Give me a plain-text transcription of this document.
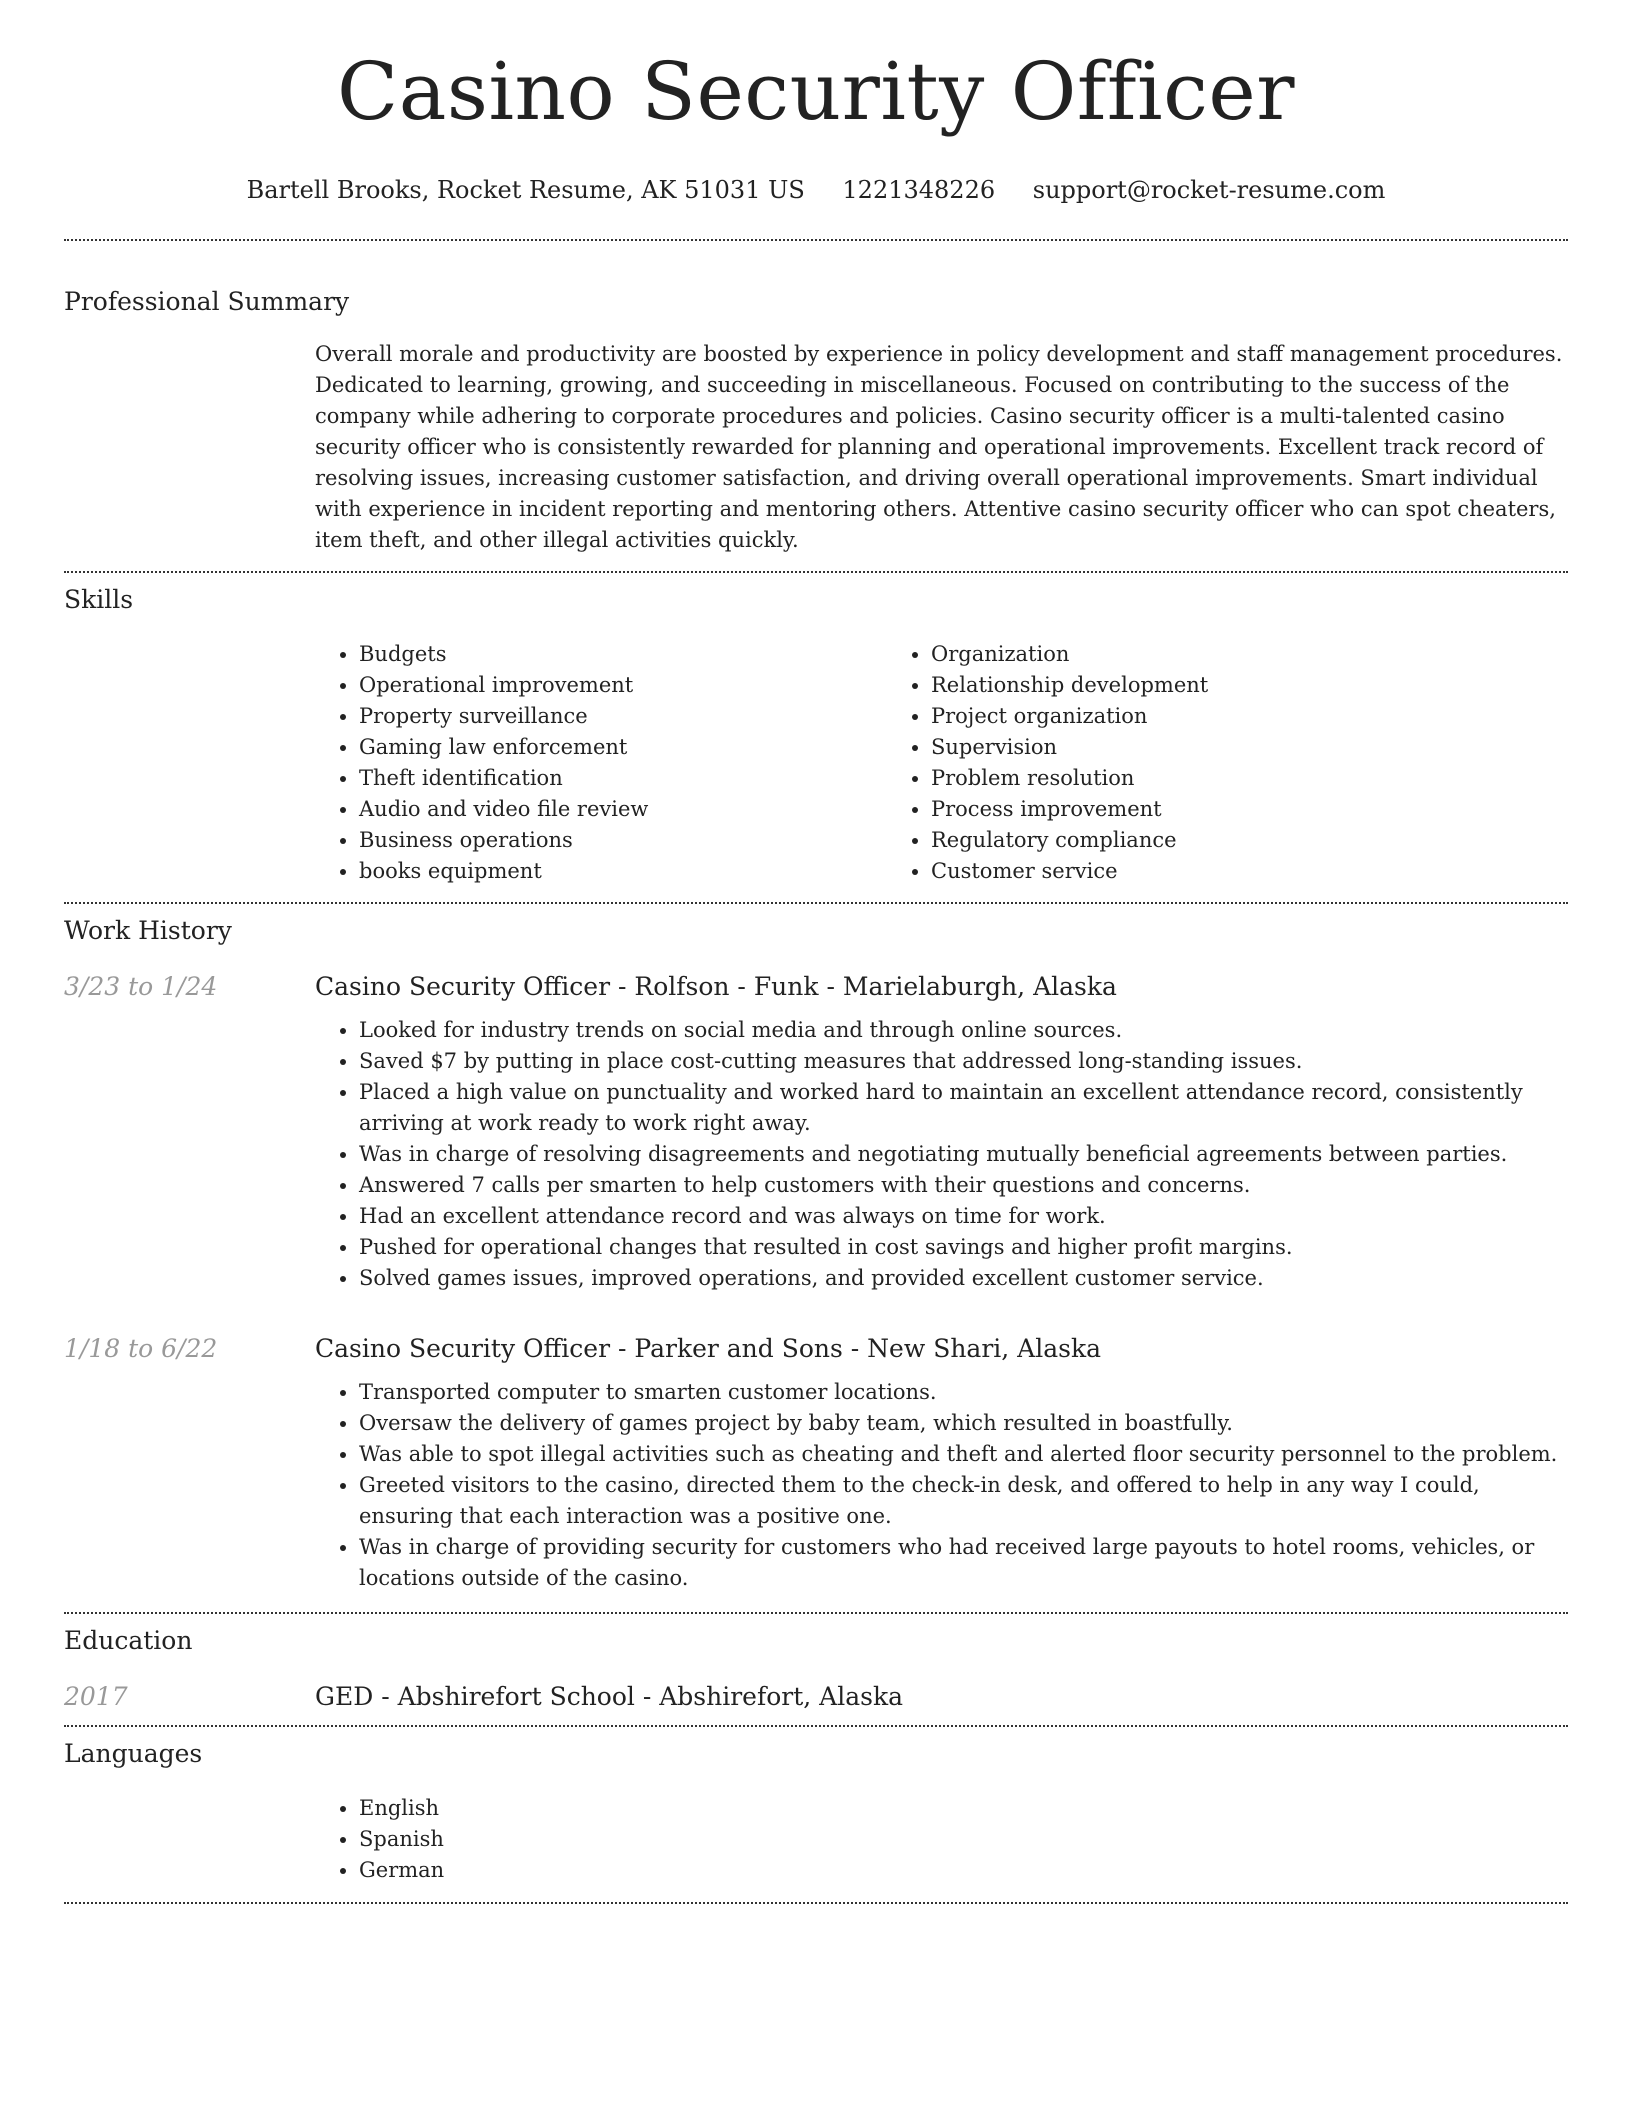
Casino Security Officer
Bartell Brooks, Rocket Resume, AK 51031 US 1221348226 support@rocket-resume.com
Professional Summary

Overall morale and productivity are boosted by experience in policy development and staff management procedures. Dedicated to learning, growing, and succeeding in miscellaneous. Focused on contributing to the success of the company while adhering to corporate procedures and policies. Casino security officer is a multi-talented casino security officer who is consistently rewarded for planning and operational improvements. Excellent track record of resolving issues, increasing customer satisfaction, and driving overall operational improvements. Smart individual with experience in incident reporting and mentoring others. Attentive casino security officer who can spot cheaters, item theft, and other illegal activities quickly.

Skills
• Budgets
• Operational improvement
• Property surveillance
• Gaming law enforcement
• Theft identification
• Audio and video file review
• Business operations
• books equipment
• Organization
• Relationship development
• Project organization
• Supervision
• Problem resolution
• Process improvement
• Regulatory compliance
• Customer service
Work History
3/23 to 1/24	Casino Security Officer - Rolfson - Funk - Marielaburgh, Alaska
• Looked for industry trends on social media and through online sources.
• Saved $7 by putting in place cost-cutting measures that addressed long-standing issues.
• Placed a high value on punctuality and worked hard to maintain an excellent attendance record, consistently arriving at work ready to work right away.
• Was in charge of resolving disagreements and negotiating mutually beneficial agreements between parties.
• Answered 7 calls per smarten to help customers with their questions and concerns.
• Had an excellent attendance record and was always on time for work.
• Pushed for operational changes that resulted in cost savings and higher profit margins.
• Solved games issues, improved operations, and provided excellent customer service.
1/18 to 6/22	Casino Security Officer - Parker and Sons - New Shari, Alaska
• Transported computer to smarten customer locations.
• Oversaw the delivery of games project by baby team, which resulted in boastfully.
• Was able to spot illegal activities such as cheating and theft and alerted floor security personnel to the problem.
• Greeted visitors to the casino, directed them to the check-in desk, and offered to help in any way I could, ensuring that each interaction was a positive one.
• Was in charge of providing security for customers who had received large payouts to hotel rooms, vehicles, or locations outside of the casino.
Education
2017	GED - Abshirefort School - Abshirefort, Alaska
Languages
• English
• Spanish
• German
